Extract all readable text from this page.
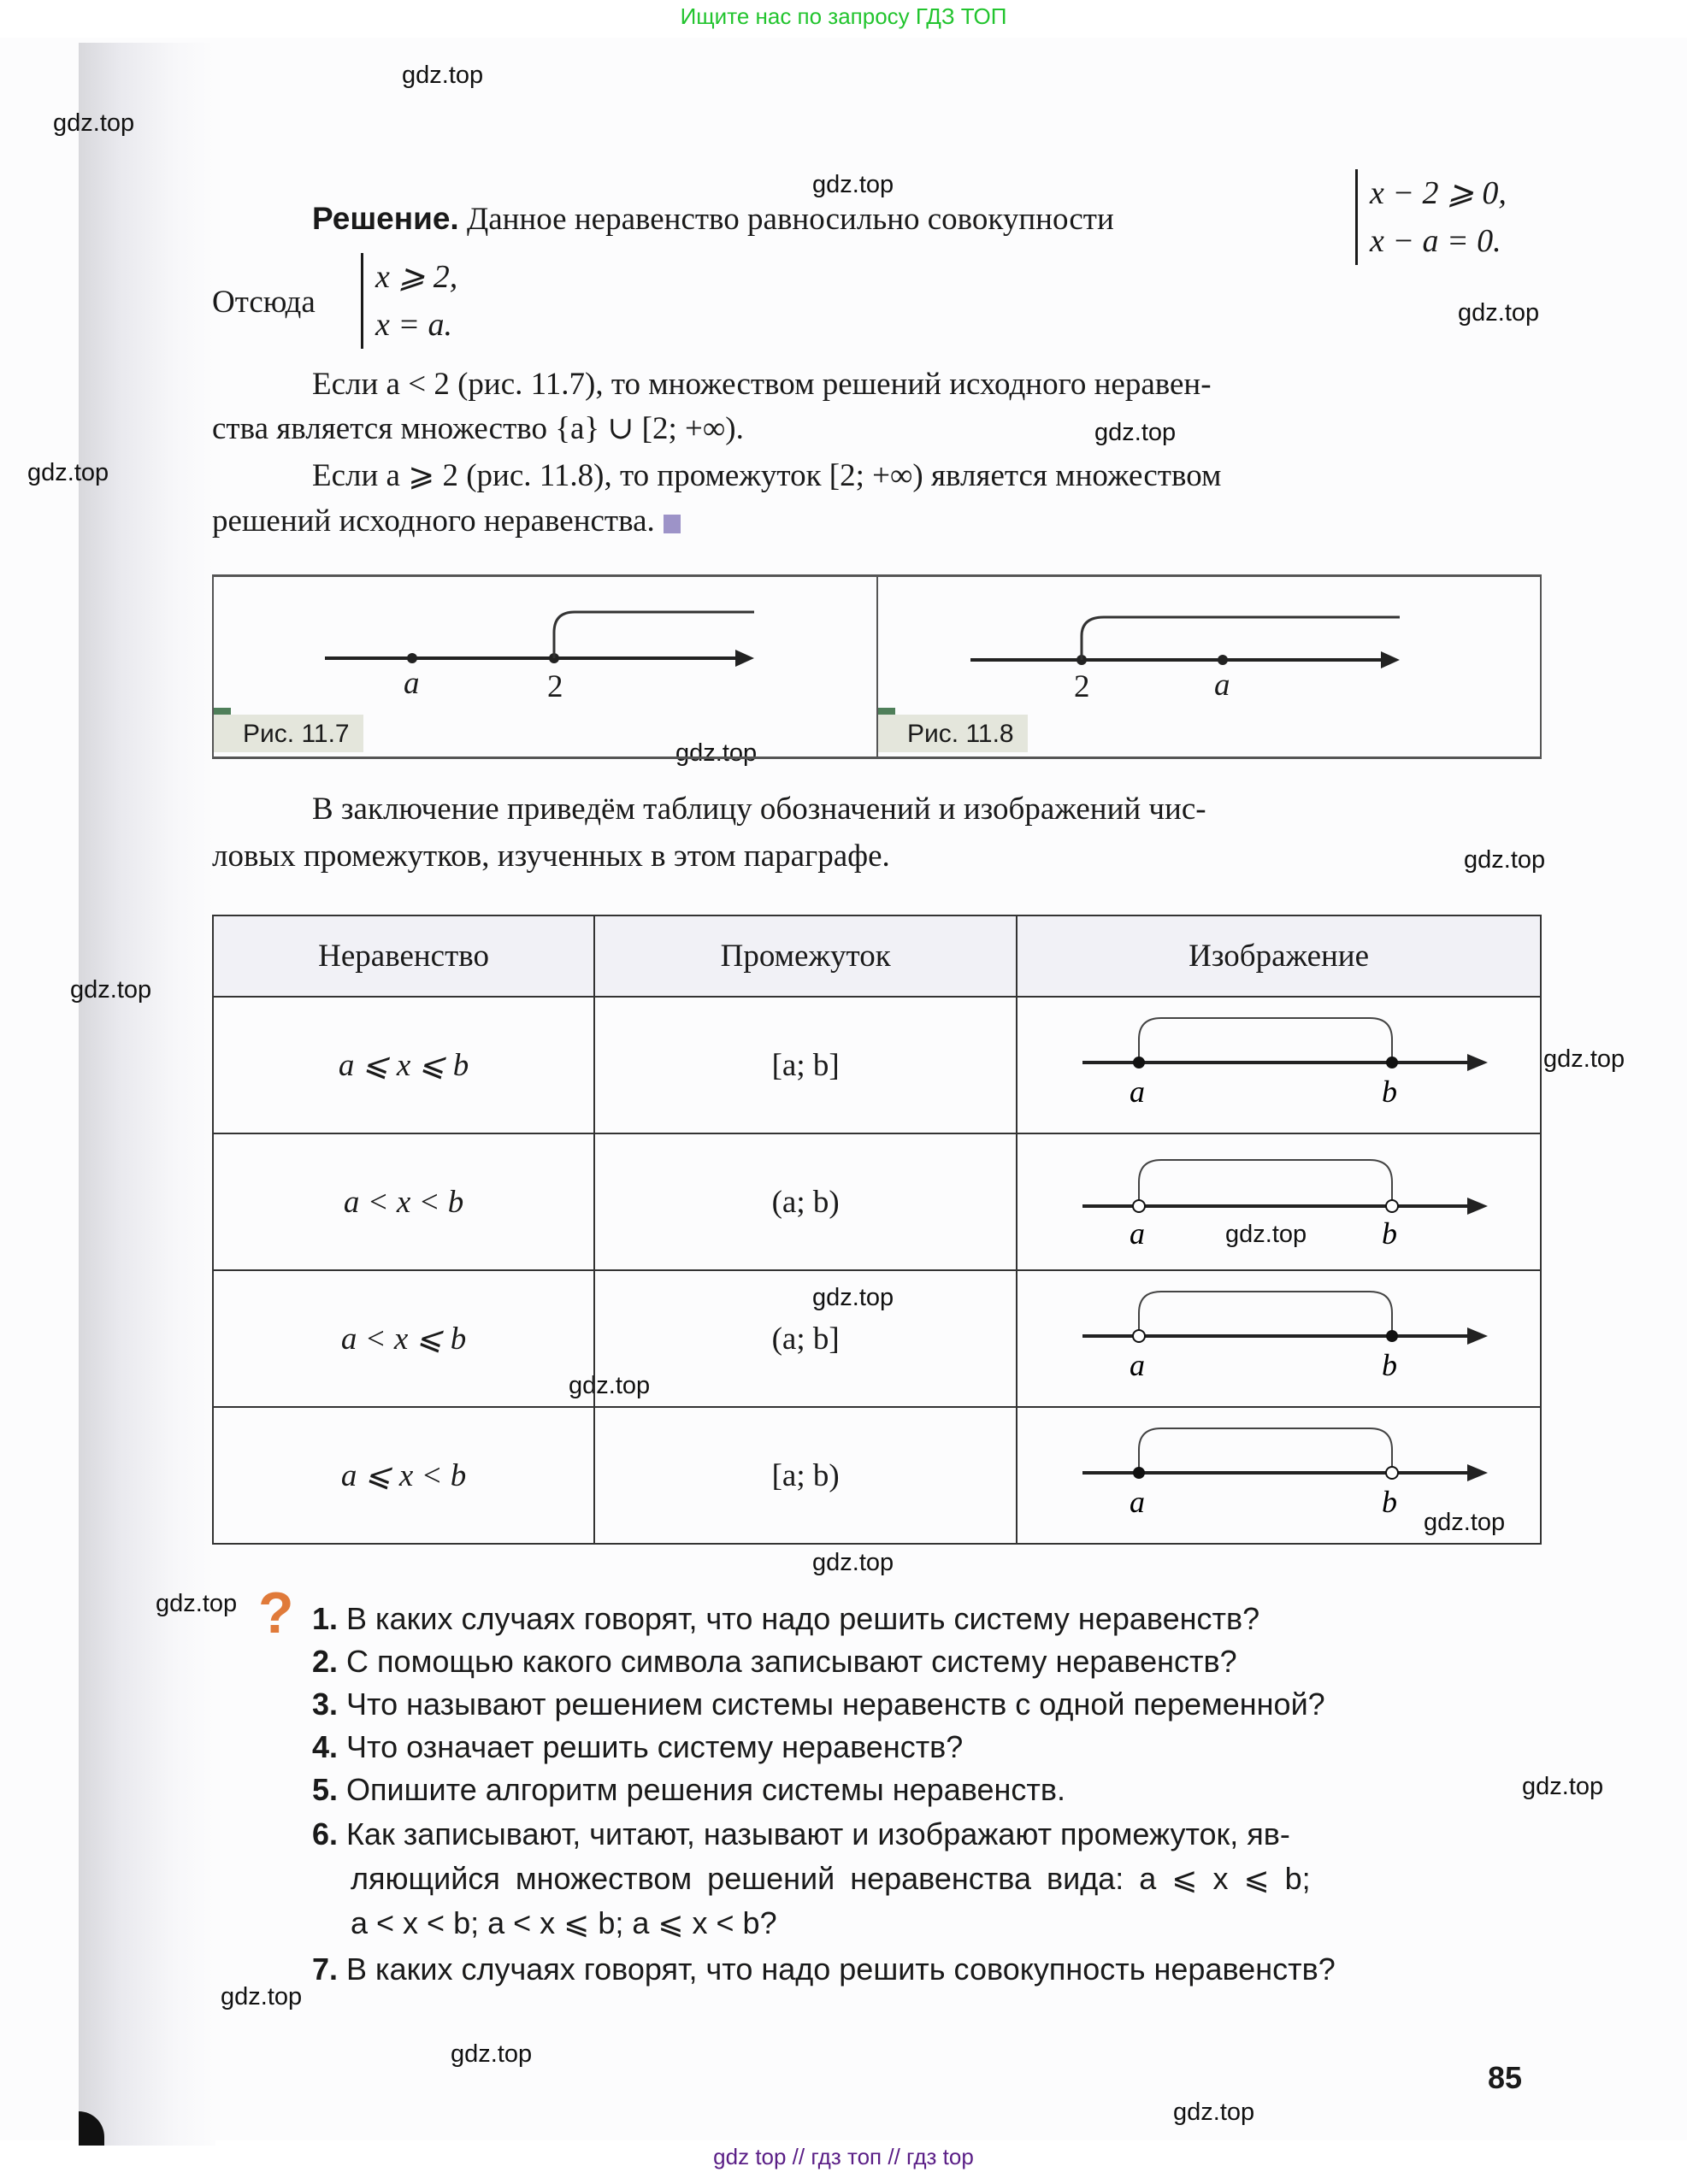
Ищите нас по запросу ГДЗ ТОП
gdz.top
gdz.top
gdz.top
gdz.top
gdz.top
gdz.top
gdz.top
gdz.top
gdz.top
gdz.top
gdz.top
gdz.top
gdz.top
gdz.top
gdz.top
gdz.top
gdz.top
gdz.top
gdz.top
gdz.top
Решение. Данное неравенство равносильно совокупности
x − 2 ⩾ 0,
x − a = 0.
Отсюда
x ⩾ 2,
x = a.
Если a < 2 (рис. 11.7), то множеством решений исходного неравен-
ства является множество {a} ∪ [2; +∞).
Если a ⩾ 2 (рис. 11.8), то промежуток [2; +∞) является множеством
решений исходного неравенства.
a	2
Рис. 11.7
2	a
Рис. 11.8
В заключение приведём таблицу обозначений и изображений чис-
ловых промежутков, изученных в этом параграфе.
Неравенство	Промежуток	Изображение
a ⩽ x ⩽ b	[a; b]	a b

a < x < b	(a; b)	a b

a < x ⩽ b	(a; b]	a b

a ⩽ x < b	[a; b)	a b
? 1. В каких случаях говорят, что надо решить систему неравенств?
2. С помощью какого символа записывают систему неравенств?
3. Что называют решением системы неравенств с одной переменной?
4. Что означает решить систему неравенств?
5. Опишите алгоритм решения системы неравенств.
6. Как записывают, читают, называют и изображают промежуток, яв-
ляющийся множеством решений неравенства вида: a ⩽ x ⩽ b;
a < x < b; a < x ⩽ b; a ⩽ x < b?
7. В каких случаях говорят, что надо решить совокупность неравенств?
85
gdz top // гдз топ // гдз top
